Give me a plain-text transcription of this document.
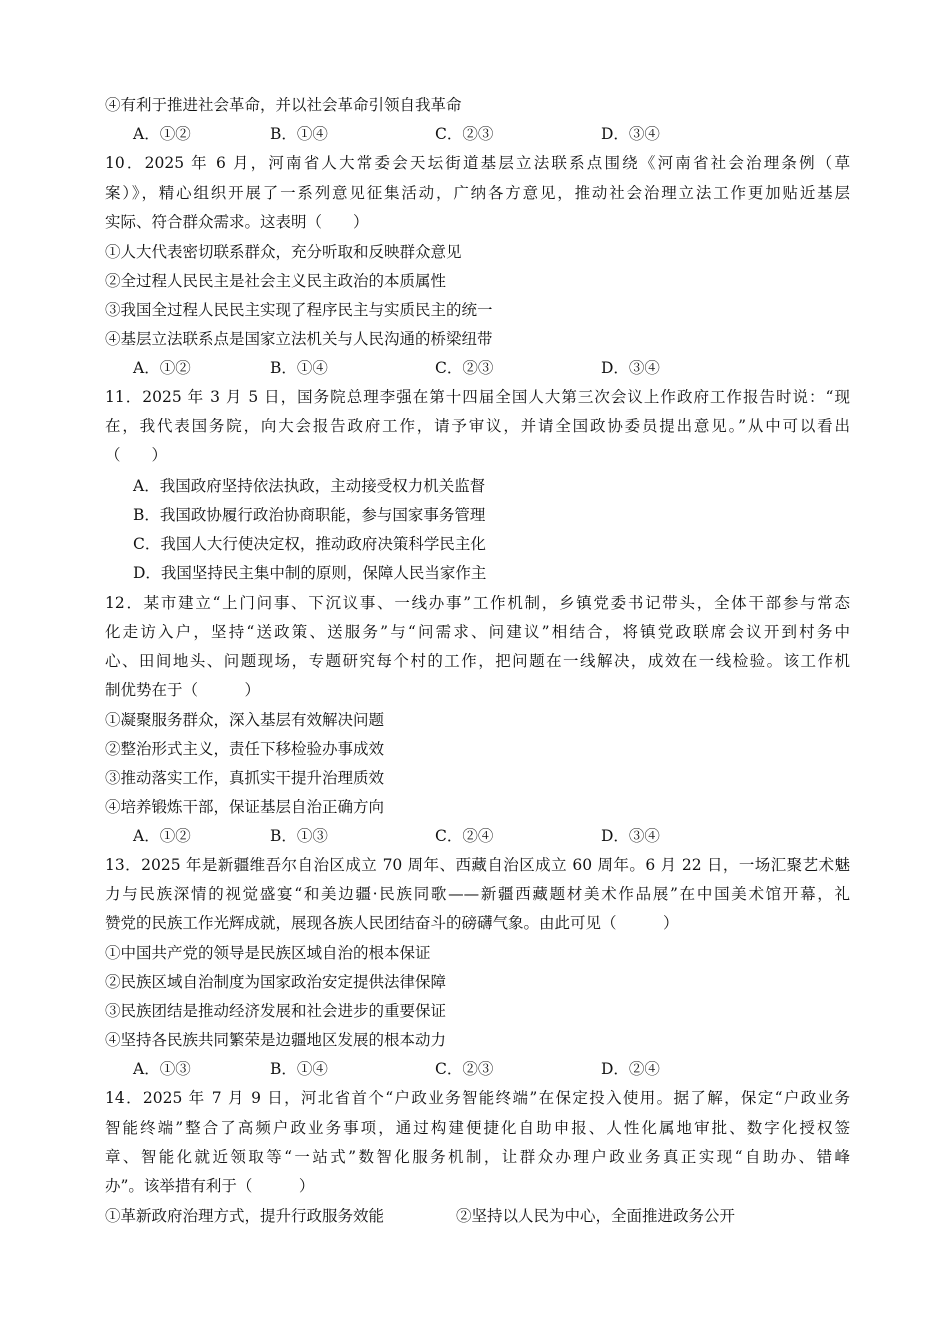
④有利于推进社会革命，并以社会革命引领自我革命
A．①②	B．①④	C．②③	D．③④
10．2025 年 6 月，河南省人大常委会天坛街道基层立法联系点围绕《河南省社会治理条例（草
案）》，精心组织开展了一系列意见征集活动，广纳各方意见，推动社会治理立法工作更加贴近基层
实际、符合群众需求。这表明（　　）
①人大代表密切联系群众，充分听取和反映群众意见
②全过程人民民主是社会主义民主政治的本质属性
③我国全过程人民民主实现了程序民主与实质民主的统一
④基层立法联系点是国家立法机关与人民沟通的桥梁纽带
A．①②	B．①④	C．②③	D．③④
11．2025 年 3 月 5 日，国务院总理李强在第十四届全国人大第三次会议上作政府工作报告时说：“现
在，我代表国务院，向大会报告政府工作，请予审议，并请全国政协委员提出意见。”从中可以看出
（　　）
A．我国政府坚持依法执政，主动接受权力机关监督
B．我国政协履行政治协商职能，参与国家事务管理
C．我国人大行使决定权，推动政府决策科学民主化
D．我国坚持民主集中制的原则，保障人民当家作主
12．某市建立“上门问事、下沉议事、一线办事”工作机制，乡镇党委书记带头，全体干部参与常态
化走访入户，坚持“送政策、送服务”与“问需求、问建议”相结合，将镇党政联席会议开到村务中
心、田间地头、问题现场，专题研究每个村的工作，把问题在一线解决，成效在一线检验。该工作机
制优势在于（　　　）
①凝聚服务群众，深入基层有效解决问题
②整治形式主义，责任下移检验办事成效
③推动落实工作，真抓实干提升治理质效
④培养锻炼干部，保证基层自治正确方向
A．①②	B．①③	C．②④	D．③④
13．2025 年是新疆维吾尔自治区成立 70 周年、西藏自治区成立 60 周年。6 月 22 日，一场汇聚艺术魅
力与民族深情的视觉盛宴“和美边疆·民族同歌——新疆西藏题材美术作品展”在中国美术馆开幕，礼
赞党的民族工作光辉成就，展现各族人民团结奋斗的磅礴气象。由此可见（　　　）
①中国共产党的领导是民族区域自治的根本保证
②民族区域自治制度为国家政治安定提供法律保障
③民族团结是推动经济发展和社会进步的重要保证
④坚持各民族共同繁荣是边疆地区发展的根本动力
A．①③	B．①④	C．②③	D．②④
14．2025 年 7 月 9 日，河北省首个“户政业务智能终端”在保定投入使用。据了解，保定“户政业务
智能终端”整合了高频户政业务事项，通过构建便捷化自助申报、人性化属地审批、数字化授权签
章、智能化就近领取等“一站式”数智化服务机制，让群众办理户政业务真正实现“自助办、错峰
办”。该举措有利于（　　　）
①革新政府治理方式，提升行政服务效能	②坚持以人民为中心，全面推进政务公开
